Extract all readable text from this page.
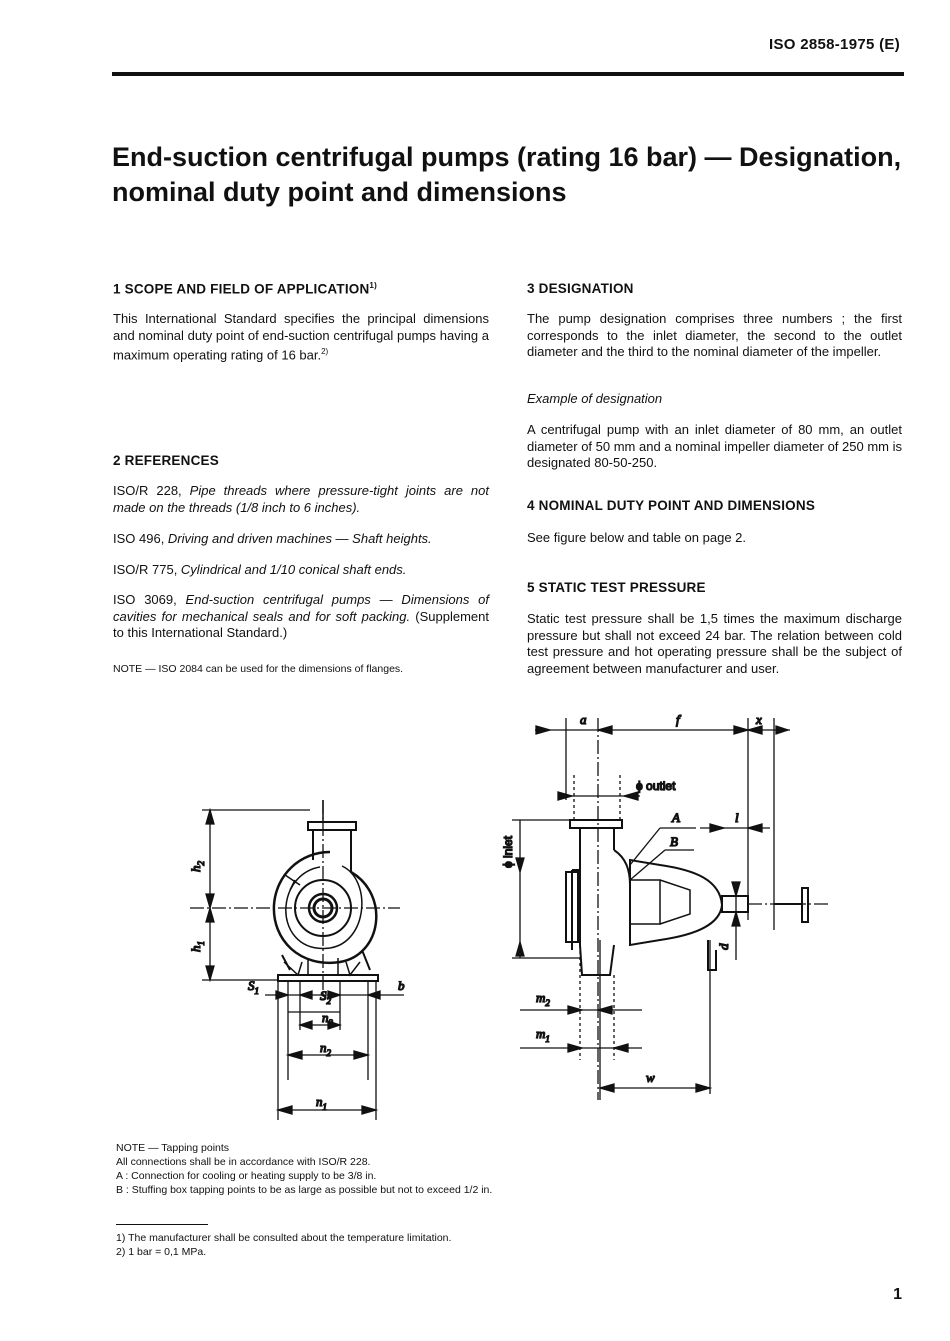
ISO 2858-1975 (E)
End-suction centrifugal pumps (rating 16 bar) — Designation, nominal duty point and dimensions
1 SCOPE AND FIELD OF APPLICATION$^{1)}$
This International Standard specifies the principal dimensions and nominal duty point of end-suction centrifugal pumps having a maximum operating rating of 16 bar.$^{2)}$
2 REFERENCES
ISO/R 228, Pipe threads where pressure-tight joints are not made on the threads (1/8 inch to 6 inches).
ISO 496, Driving and driven machines — Shaft heights.
ISO/R 775, Cylindrical and 1/10 conical shaft ends.
ISO 3069, End-suction centrifugal pumps — Dimensions of cavities for mechanical seals and for soft packing. (Supplement to this International Standard.)
NOTE — ISO 2084 can be used for the dimensions of flanges.
3 DESIGNATION
The pump designation comprises three numbers ; the first corresponds to the inlet diameter, the second to the outlet diameter and the third to the nominal diameter of the impeller.
Example of designation
A centrifugal pump with an inlet diameter of 80 mm, an outlet diameter of 50 mm and a nominal impeller diameter of 250 mm is designated 80-50-250.
4 NOMINAL DUTY POINT AND DIMENSIONS
See figure below and table on page 2.
5 STATIC TEST PRESSURE
Static test pressure shall be 1,5 times the maximum discharge pressure but shall not exceed 24 bar. The relation between cold test pressure and hot operating pressure shall be the subject of agreement between manufacturer and user.
$h_2$
$h_1$
$S_1$	$S_2$
b
$n_3$
$n_2$
$n_1$
a	f	x
ϕ outlet
ϕ inlet
A
B
l
d
$m_2$
$m_1$
w
NOTE — Tapping points
All connections shall be in accordance with ISO/R 228.
A : Connection for cooling or heating supply to be 3/8 in.
B : Stuffing box tapping points to be as large as possible but not to exceed 1/2 in.
1) The manufacturer shall be consulted about the temperature limitation.
2) 1 bar = 0,1 MPa.
1
